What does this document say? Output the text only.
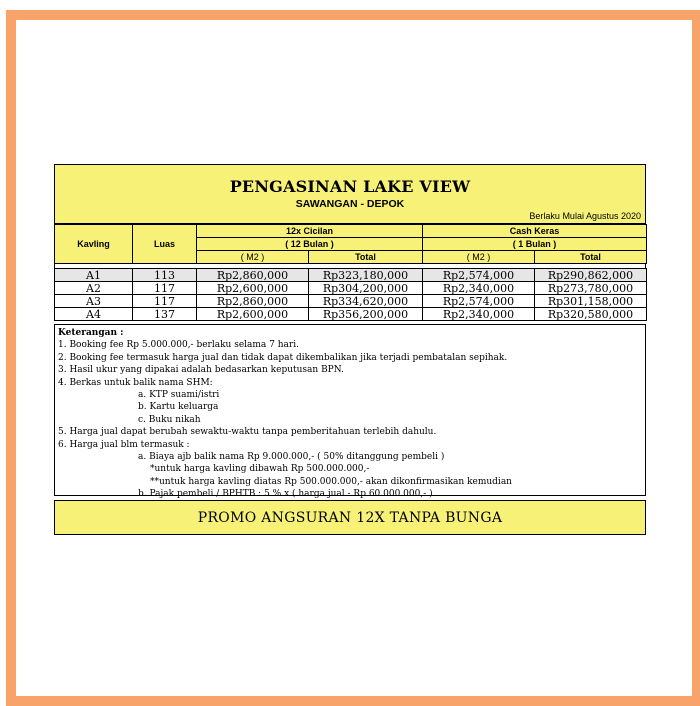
PENGASINAN LAKE VIEW
SAWANGAN - DEPOK
Berlaku Mulai Agustus 2020
Kavling	Luas	12x Cicilan		Cash Keras	
		( 12 Bulan )		( 1 Bulan )	
		( M2 )	Total	( M2 )	Total
A1	113	Rp2,860,000	Rp323,180,000	Rp2,574,000	Rp290,862,000
A2	117	Rp2,600,000	Rp304,200,000	Rp2,340,000	Rp273,780,000
A3	117	Rp2,860,000	Rp334,620,000	Rp2,574,000	Rp301,158,000
A4	137	Rp2,600,000	Rp356,200,000	Rp2,340,000	Rp320,580,000
Keterangan :
1. Booking fee Rp 5.000.000,- berlaku selama 7 hari.
2. Booking fee termasuk harga jual dan tidak dapat dikembalikan jika terjadi pembatalan sepihak.
3. Hasil ukur yang dipakai adalah bedasarkan keputusan BPN.
4. Berkas untuk balik nama SHM:
a. KTP suami/istri
b. Kartu keluarga
c. Buku nikah
5. Harga jual dapat berubah sewaktu-waktu tanpa pemberitahuan terlebih dahulu.
6. Harga jual blm termasuk :
a. Biaya ajb balik nama Rp 9.000.000,- ( 50% ditanggung pembeli )
*untuk harga kavling dibawah Rp 500.000.000,-
**untuk harga kavling diatas Rp 500.000.000,- akan dikonfirmasikan kemudian
b. Pajak pembeli / BPHTB : 5 % x ( harga jual - Rp 60.000.000,- )
PROMO ANGSURAN 12X TANPA BUNGA
